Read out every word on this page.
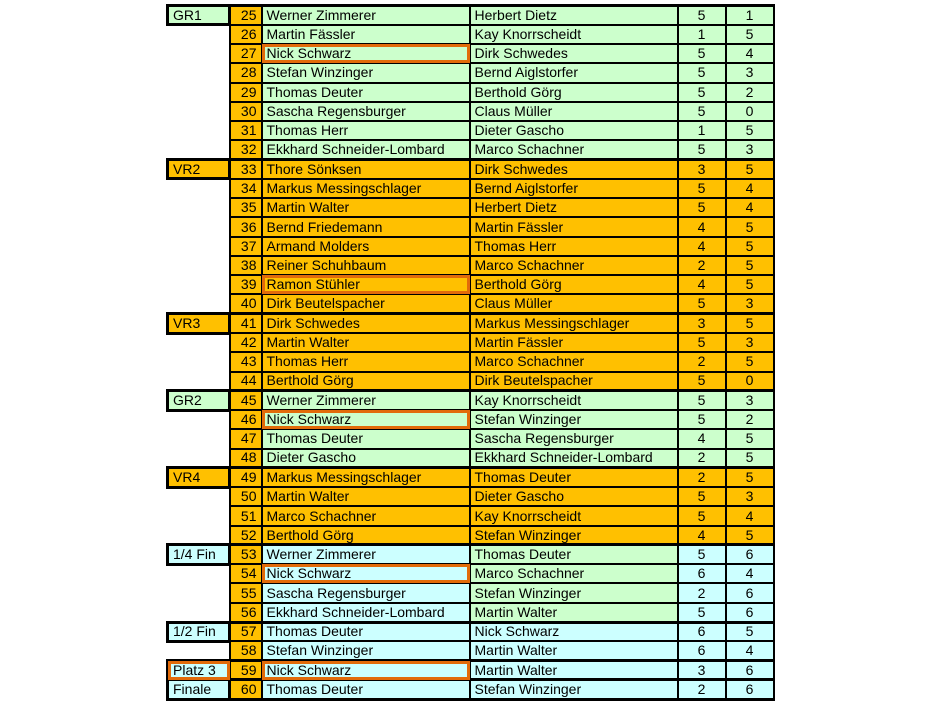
GR1	25	Werner Zimmerer	Herbert Dietz	5	1
	26	Martin Fässler	Kay Knorrscheidt	1	5
	27	Nick Schwarz	Dirk Schwedes	5	4
	28	Stefan Winzinger	Bernd Aiglstorfer	5	3
	29	Thomas Deuter	Berthold Görg	5	2
	30	Sascha Regensburger	Claus Müller	5	0
	31	Thomas Herr	Dieter Gascho	1	5
	32	Ekkhard Schneider-Lombard	Marco Schachner	5	3
VR2	33	Thore Sönksen	Dirk Schwedes	3	5
	34	Markus Messingschlager	Bernd Aiglstorfer	5	4
	35	Martin Walter	Herbert Dietz	5	4
	36	Bernd Friedemann	Martin Fässler	4	5
	37	Armand Molders	Thomas Herr	4	5
	38	Reiner Schuhbaum	Marco Schachner	2	5
	39	Ramon Stühler	Berthold Görg	4	5
	40	Dirk Beutelspacher	Claus Müller	5	3
VR3	41	Dirk Schwedes	Markus Messingschlager	3	5
	42	Martin Walter	Martin Fässler	5	3
	43	Thomas Herr	Marco Schachner	2	5
	44	Berthold Görg	Dirk Beutelspacher	5	0
GR2	45	Werner Zimmerer	Kay Knorrscheidt	5	3
	46	Nick Schwarz	Stefan Winzinger	5	2
	47	Thomas Deuter	Sascha Regensburger	4	5
	48	Dieter Gascho	Ekkhard Schneider-Lombard	2	5
VR4	49	Markus Messingschlager	Thomas Deuter	2	5
	50	Martin Walter	Dieter Gascho	5	3
	51	Marco Schachner	Kay Knorrscheidt	5	4
	52	Berthold Görg	Stefan Winzinger	4	5
1/4 Fin	53	Werner Zimmerer	Thomas Deuter	5	6
	54	Nick Schwarz	Marco Schachner	6	4
	55	Sascha Regensburger	Stefan Winzinger	2	6
	56	Ekkhard Schneider-Lombard	Martin Walter	5	6
1/2 Fin	57	Thomas Deuter	Nick Schwarz	6	5
	58	Stefan Winzinger	Martin Walter	6	4
Platz 3	59	Nick Schwarz	Martin Walter	3	6
Finale	60	Thomas Deuter	Stefan Winzinger	2	6
